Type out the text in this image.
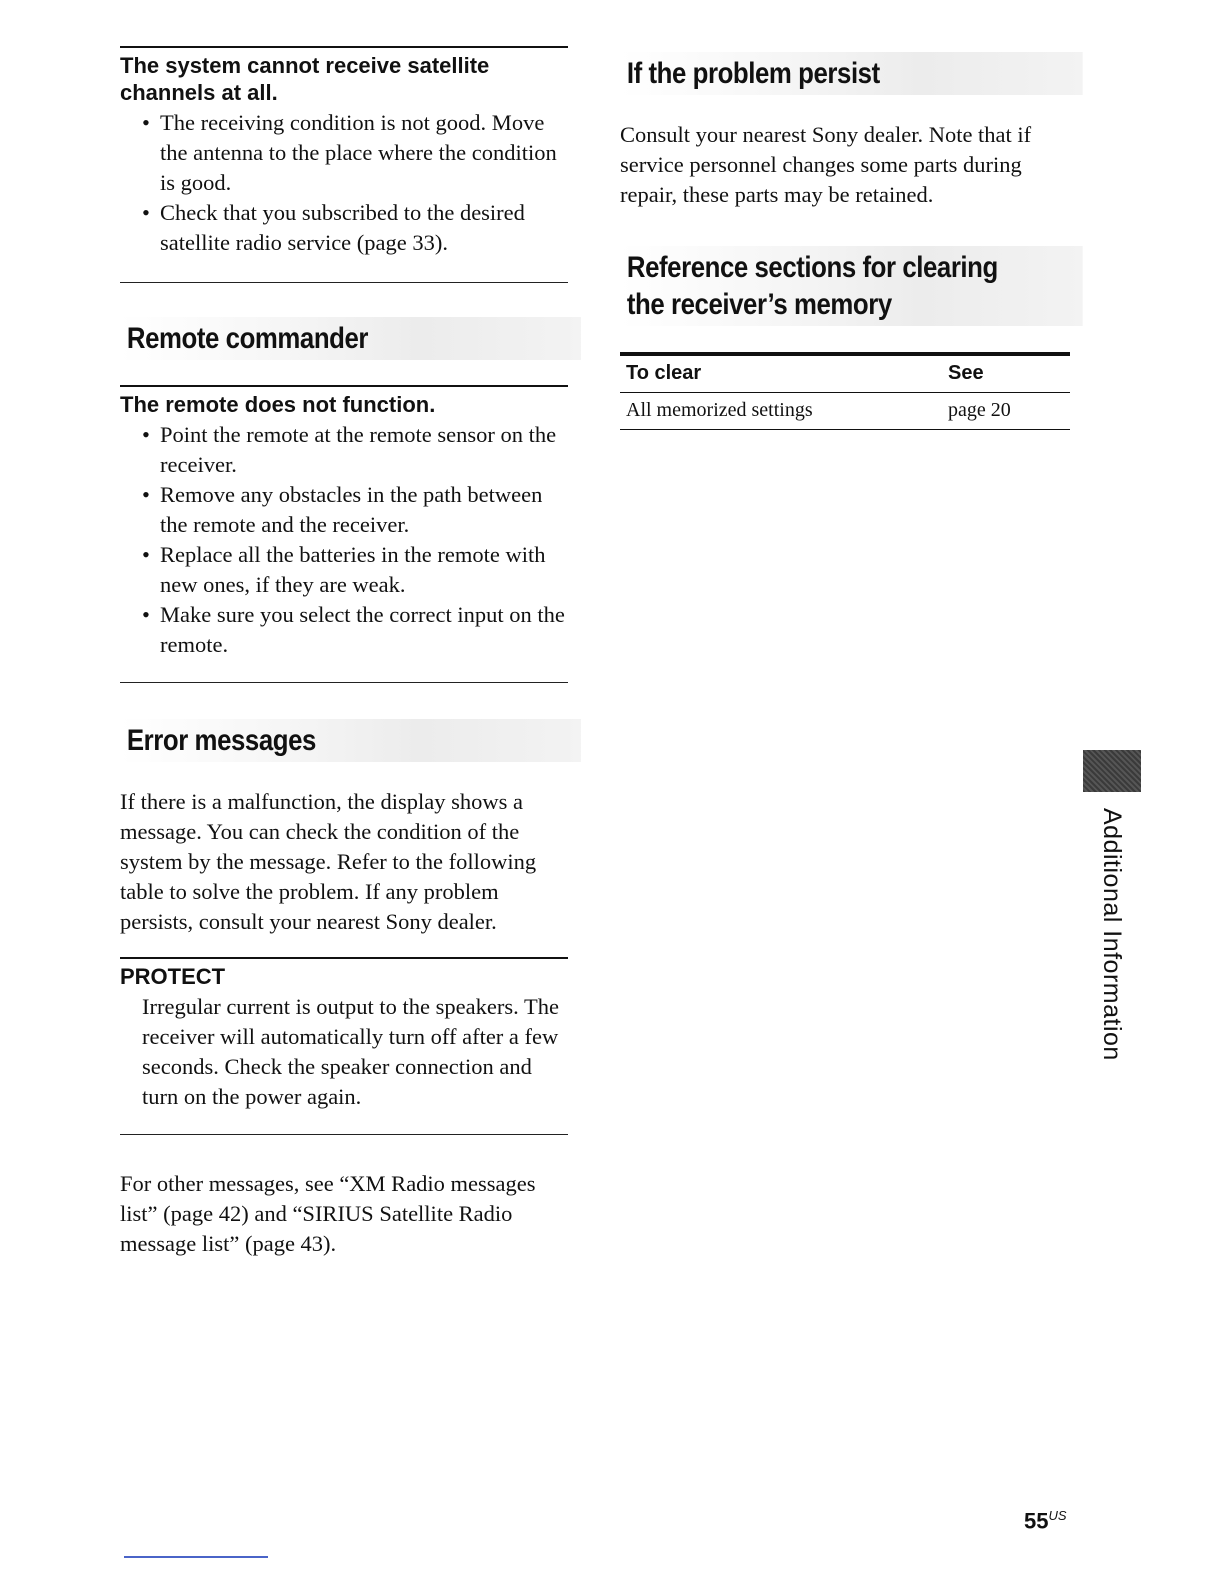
The system cannot receive satellite channels at all.
• The receiving condition is not good. Move the antenna to the place where the condition is good.
• Check that you subscribed to the desired satellite radio service (page 33).
Remote commander
The remote does not function.
• Point the remote at the remote sensor on the receiver.
• Remove any obstacles in the path between the remote and the receiver.
• Replace all the batteries in the remote with new ones, if they are weak.
• Make sure you select the correct input on the remote.
Error messages

If there is a malfunction, the display shows a message. You can check the condition of the system by the message. Refer to the following table to solve the problem. If any problem persists, consult your nearest Sony dealer.

PROTECT

Irregular current is output to the speakers. The receiver will automatically turn off after a few seconds. Check the speaker connection and turn on the power again.

For other messages, see “XM Radio messages list” (page 42) and “SIRIUS Satellite Radio message list” (page 43).

If the problem persist

Consult your nearest Sony dealer. Note that if service personnel changes some parts during repair, these parts may be retained.

Reference sections for clearing
the receiver’s memory
To clear	See
All memorized settings	page 20
Additional Information
$55^{US}$
